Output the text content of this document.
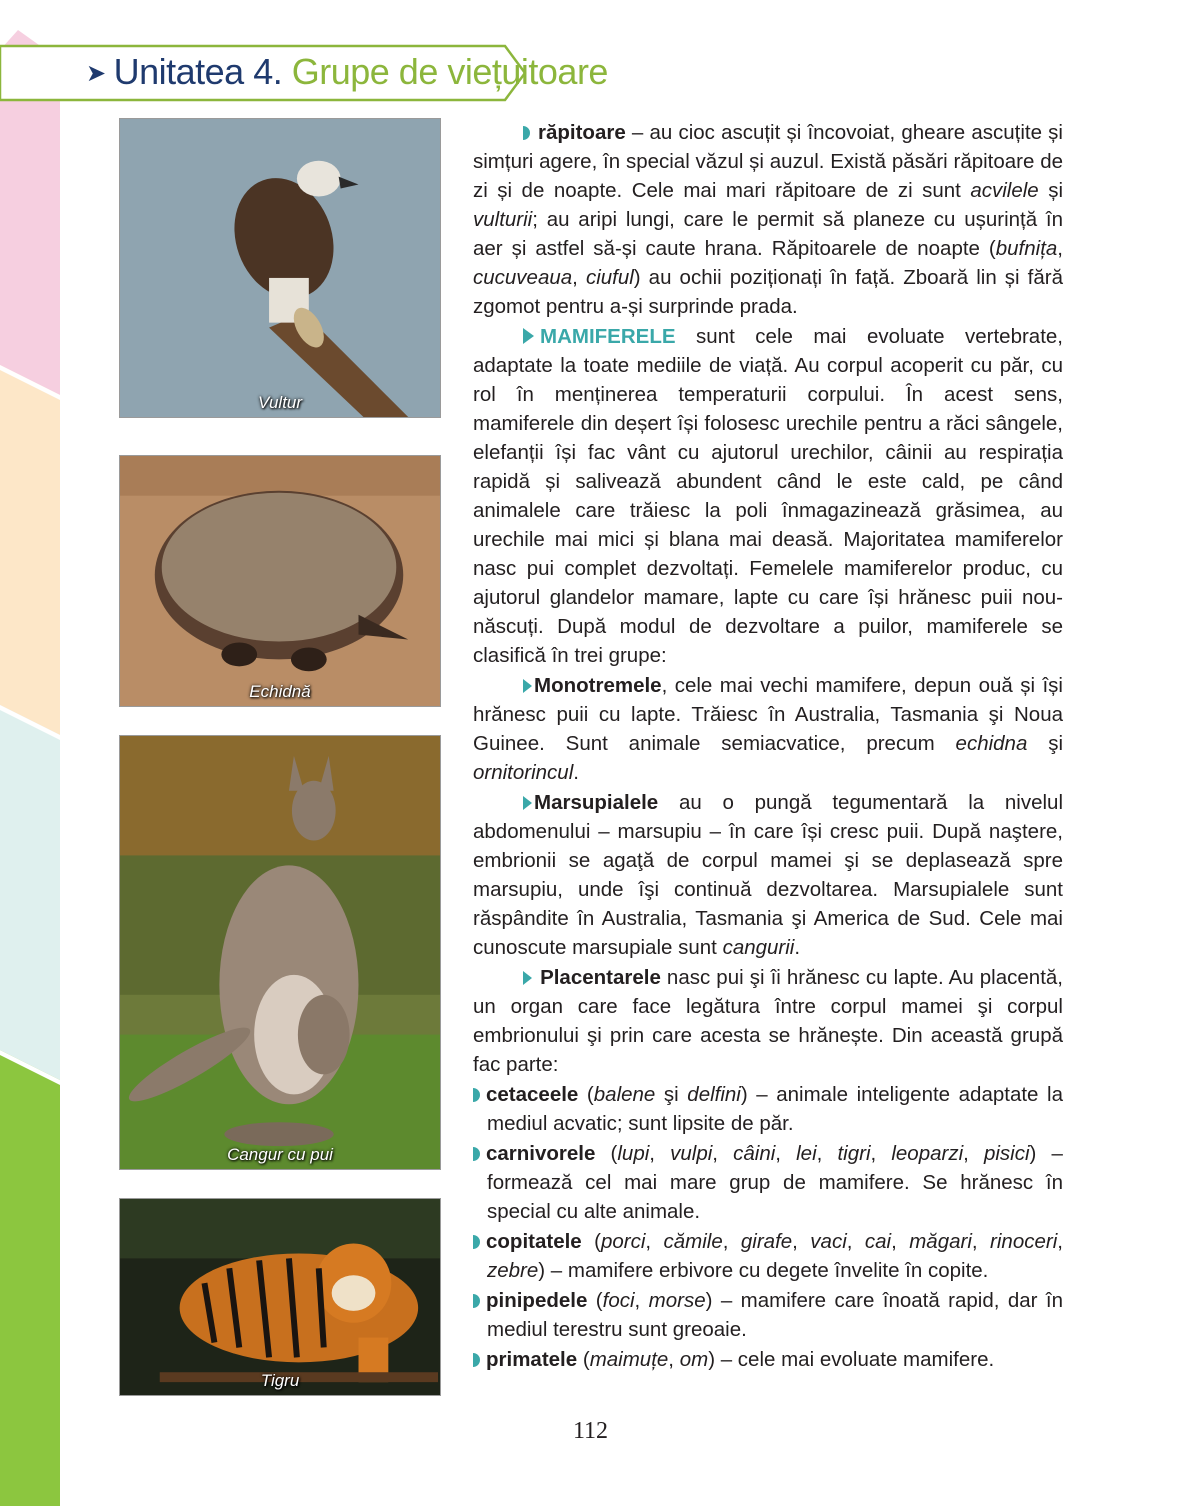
➤ Unitatea 4. Grupe de viețuitoare
Vultur
Echidnă
Cangur cu pui
Tigru

răpitoare – au cioc ascuțit și încovoiat, gheare ascuțite și simțuri agere, în special văzul și auzul. Există păsări răpitoare de zi și de noapte. Cele mai mari răpitoare de zi sunt acvilele și vulturii; au aripi lungi, care le permit să planeze cu ușurință în aer și astfel să-și caute hrana. Răpitoarele de noapte (bufnița, cucuveaua, ciuful) au ochii poziționați în față. Zboară lin și fără zgomot pentru a-și surprinde prada.

MAMIFERELE sunt cele mai evoluate vertebrate, adaptate la toate mediile de viață. Au corpul acoperit cu păr, cu rol în menținerea temperaturii corpului. În acest sens, mamiferele din deșert își folosesc urechile pentru a răci sângele, elefanții își fac vânt cu ajutorul urechilor, câinii au respirația rapidă și salivează abundent când le este cald, pe când animalele care trăiesc la poli înmagazinează grăsimea, au urechile mai mici și blana mai deasă. Majoritatea mamiferelor nasc pui complet dezvoltați. Femelele mamiferelor produc, cu ajutorul glandelor mamare, lapte cu care își hrănesc puii nou-născuți. După modul de dezvoltare a puilor, mamiferele se clasifică în trei grupe:

Monotremele, cele mai vechi mamifere, depun ouă și își hrănesc puii cu lapte. Trăiesc în Australia, Tasmania şi Noua Guinee. Sunt animale semiacvatice, precum echidna şi ornitorincul.

Marsupialele au o pungă tegumentară la nivelul abdomenului – marsupiu – în care își cresc puii. După naştere, embrionii se agaţă de corpul mamei şi se deplasează spre marsupiu, unde îşi continuă dezvoltarea. Marsupialele sunt răspândite în Australia, Tasmania şi America de Sud. Cele mai cunoscute marsupiale sunt cangurii.

Placentarele nasc pui şi îi hrănesc cu lapte. Au placentă, un organ care face legătura între corpul mamei şi corpul embrionului şi prin care acesta se hrănește. Din această grupă fac parte:

cetaceele (balene şi delfini) – animale inteligente adaptate la mediul acvatic; sunt lipsite de păr.

carnivorele (lupi, vulpi, câini, lei, tigri, leoparzi, pisici) – formează cel mai mare grup de mamifere. Se hrănesc în special cu alte animale.

copitatele (porci, cămile, girafe, vaci, cai, măgari, rinoceri, zebre) – mamifere erbivore cu degete învelite în copite.

pinipedele (foci, morse) – mamifere care înoată rapid, dar în mediul terestru sunt greoaie.

primatele (maimuțe, om) – cele mai evoluate mamifere.

112
